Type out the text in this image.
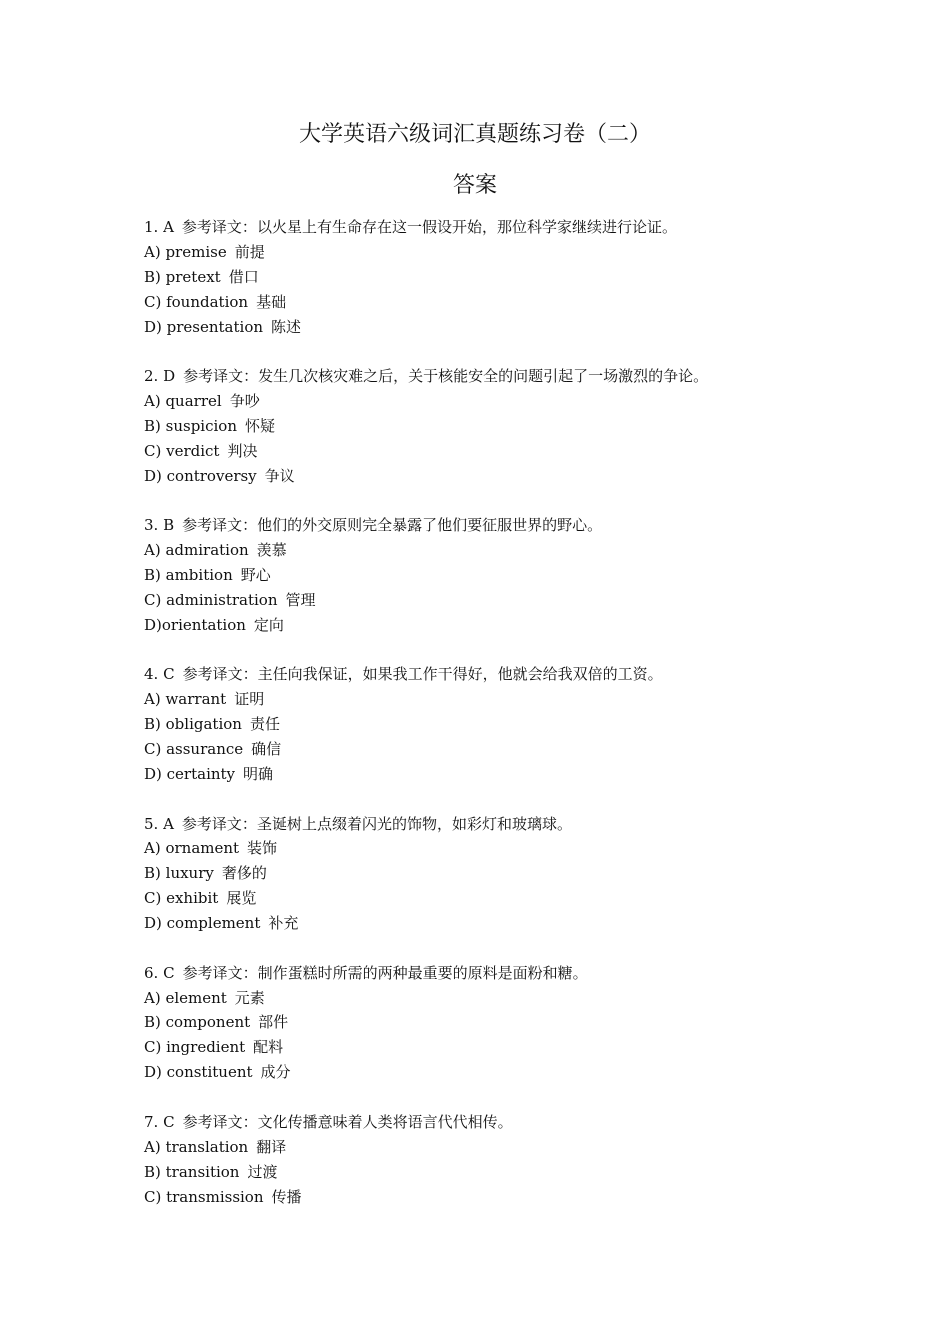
大学英语六级词汇真题练习卷（二）
答案
1. A 参考译文：以火星上有生命存在这一假设开始，那位科学家继续进行论证。
A) premise 前提
B) pretext 借口
C) foundation 基础
D) presentation 陈述
2. D 参考译文：发生几次核灾难之后，关于核能安全的问题引起了一场激烈的争论。
A) quarrel 争吵
B) suspicion 怀疑
C) verdict 判决
D) controversy 争议
3. B 参考译文：他们的外交原则完全暴露了他们要征服世界的野心。
A) admiration 羡慕
B) ambition 野心
C) administration 管理
D)orientation 定向
4. C 参考译文：主任向我保证，如果我工作干得好，他就会给我双倍的工资。
A) warrant 证明
B) obligation 责任
C) assurance 确信
D) certainty 明确
5. A 参考译文：圣诞树上点缀着闪光的饰物，如彩灯和玻璃球。
A) ornament 装饰
B) luxury 奢侈的
C) exhibit 展览
D) complement 补充
6. C 参考译文：制作蛋糕时所需的两种最重要的原料是面粉和糖。
A) element 元素
B) component 部件
C) ingredient 配料
D) constituent 成分
7. C 参考译文：文化传播意味着人类将语言代代相传。
A) translation 翻译
B) transition 过渡
C) transmission 传播
